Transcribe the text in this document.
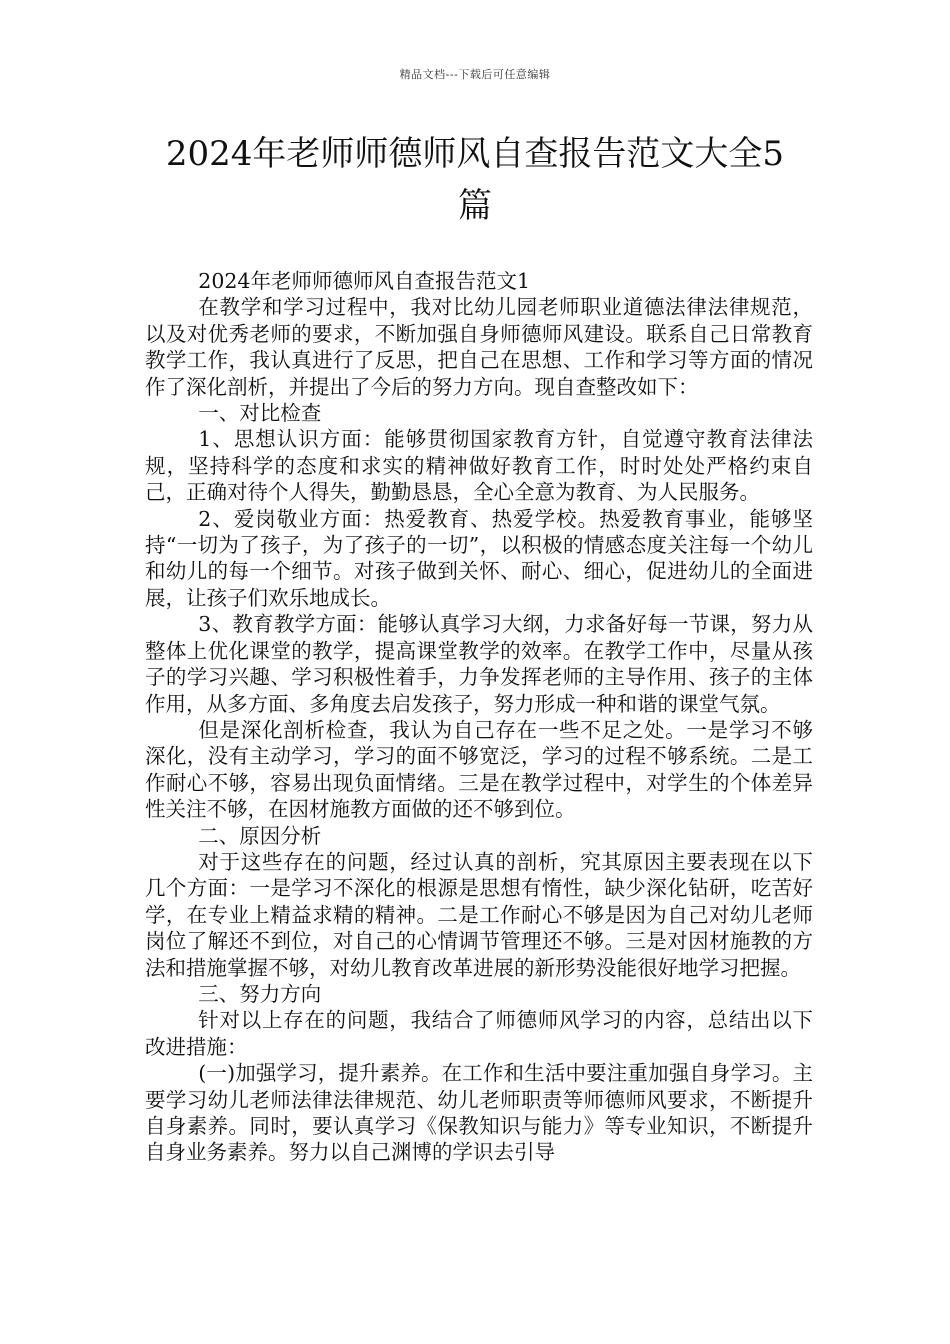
精品文档---下载后可任意编辑
2024年老师师德师风自查报告范文大全5篇

2024年老师师德师风自查报告范文1

在教学和学习过程中，我对比幼儿园老师职业道德法律法律规范，以及对优秀老师的要求，不断加强自身师德师风建设。联系自己日常教育教学工作，我认真进行了反思，把自己在思想、工作和学习等方面的情况作了深化剖析，并提出了今后的努力方向。现自查整改如下：

一、对比检查

1、思想认识方面：能够贯彻国家教育方针，自觉遵守教育法律法规，坚持科学的态度和求实的精神做好教育工作，时时处处严格约束自己，正确对待个人得失，勤勤恳恳，全心全意为教育、为人民服务。

2、爱岗敬业方面：热爱教育、热爱学校。热爱教育事业，能够坚持“一切为了孩子，为了孩子的一切”，以积极的情感态度关注每一个幼儿和幼儿的每一个细节。对孩子做到关怀、耐心、细心，促进幼儿的全面进展，让孩子们欢乐地成长。

3、教育教学方面：能够认真学习大纲，力求备好每一节课，努力从整体上优化课堂的教学，提高课堂教学的效率。在教学工作中，尽量从孩子的学习兴趣、学习积极性着手，力争发挥老师的主导作用、孩子的主体作用，从多方面、多角度去启发孩子，努力形成一种和谐的课堂气氛。

但是深化剖析检查，我认为自己存在一些不足之处。一是学习不够深化，没有主动学习，学习的面不够宽泛，学习的过程不够系统。二是工作耐心不够，容易出现负面情绪。三是在教学过程中，对学生的个体差异性关注不够，在因材施教方面做的还不够到位。

二、原因分析

对于这些存在的问题，经过认真的剖析，究其原因主要表现在以下几个方面：一是学习不深化的根源是思想有惰性，缺少深化钻研，吃苦好学，在专业上精益求精的精神。二是工作耐心不够是因为自己对幼儿老师岗位了解还不到位，对自己的心情调节管理还不够。三是对因材施教的方法和措施掌握不够，对幼儿教育改革进展的新形势没能很好地学习把握。

三、努力方向

针对以上存在的问题，我结合了师德师风学习的内容，总结出以下改进措施：

(一)加强学习，提升素养。在工作和生活中要注重加强自身学习。主要学习幼儿老师法律法律规范、幼儿老师职责等师德师风要求，不断提升自身素养。同时，要认真学习《保教知识与能力》等专业知识，不断提升自身业务素养。努力以自己渊博的学识去引导
